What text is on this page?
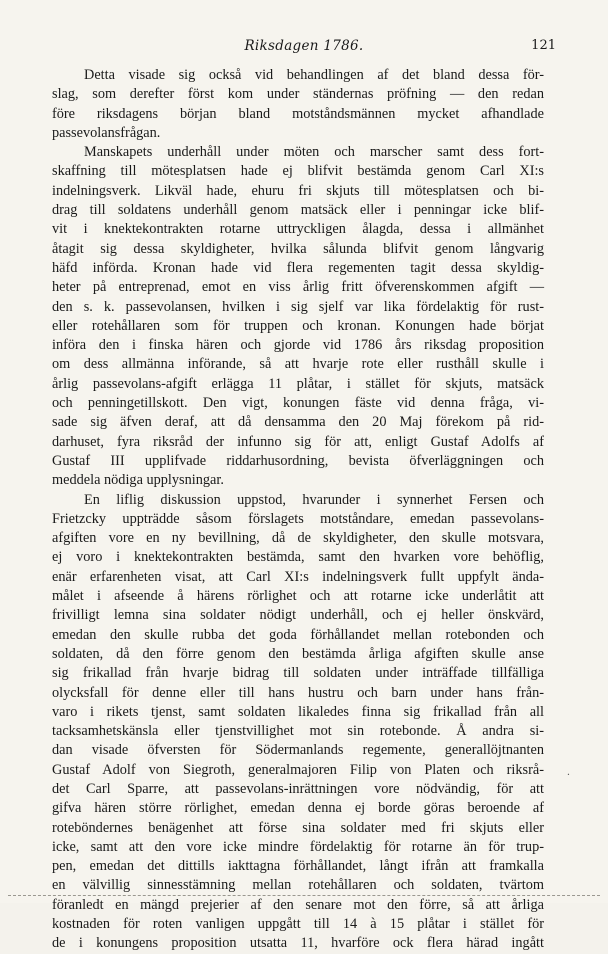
Riksdagen 1786.	121
Detta visade sig också vid behandlingen af det bland dessa för-
slag, som derefter först kom under ständernas pröfning — den redan
före riksdagens början bland motståndsmännen mycket afhandlade
passevolansfrågan.
Manskapets underhåll under möten och marscher samt dess fort-
skaffning till mötesplatsen hade ej blifvit bestämda genom Carl XI:s
indelningsverk. Likväl hade, ehuru fri skjuts till mötesplatsen och bi-
drag till soldatens underhåll genom matsäck eller i penningar icke blif-
vit i knektekontrakten rotarne uttryckligen ålagda, dessa i allmänhet
åtagit sig dessa skyldigheter, hvilka sålunda blifvit genom långvarig
häfd införda. Kronan hade vid flera regementen tagit dessa skyldig-
heter på entreprenad, emot en viss årlig fritt öfverenskommen afgift —
den s. k. passevolansen, hvilken i sig sjelf var lika fördelaktig för rust-
eller rotehållaren som för truppen och kronan. Konungen hade börjat
införa den i finska hären och gjorde vid 1786 års riksdag proposition
om dess allmänna införande, så att hvarje rote eller rusthåll skulle i
årlig passevolans-afgift erlägga 11 plåtar, i stället för skjuts, matsäck
och penningetillskott. Den vigt, konungen fäste vid denna fråga, vi-
sade sig äfven deraf, att då densamma den 20 Maj förekom på rid-
darhuset, fyra riksråd der infunno sig för att, enligt Gustaf Adolfs af
Gustaf III upplifvade riddarhusordning, bevista öfverläggningen och
meddela nödiga upplysningar.
En liflig diskussion uppstod, hvarunder i synnerhet Fersen och
Frietzcky uppträdde såsom förslagets motståndare, emedan passevolans-
afgiften vore en ny bevillning, då de skyldigheter, den skulle motsvara,
ej voro i knektekontrakten bestämda, samt den hvarken vore behöflig,
enär erfarenheten visat, att Carl XI:s indelningsverk fullt uppfylt ända-
målet i afseende å härens rörlighet och att rotarne icke underlåtit att
frivilligt lemna sina soldater nödigt underhåll, och ej heller önskvärd,
emedan den skulle rubba det goda förhållandet mellan rotebonden och
soldaten, då den förre genom den bestämda årliga afgiften skulle anse
sig frikallad från hvarje bidrag till soldaten under inträffade tillfälliga
olycksfall för denne eller till hans hustru och barn under hans från-
varo i rikets tjenst, samt soldaten likaledes finna sig frikallad från all
tacksamhetskänsla eller tjenstvillighet mot sin rotebonde. Å andra si-
dan visade öfversten för Södermanlands regemente, generallöjtnanten
Gustaf Adolf von Siegroth, generalmajoren Filip von Platen och riksrå-
det Carl Sparre, att passevolans-inrättningen vore nödvändig, för att
gifva hären större rörlighet, emedan denna ej borde göras beroende af
roteböndernes benägenhet att förse sina soldater med fri skjuts eller
icke, samt att den vore icke mindre fördelaktig för rotarne än för trup-
pen, emedan det dittills iakttagna förhållandet, långt ifrån att framkalla
en välvillig sinnesstämning mellan rotehållaren och soldaten, tvärtom
föranledt en mängd prejerier af den senare mot den förre, så att årliga
kostnaden för roten vanligen uppgått till 14 à 15 plåtar i stället för
de i konungens proposition utsatta 11, hvarföre ock flera härad ingått
·
